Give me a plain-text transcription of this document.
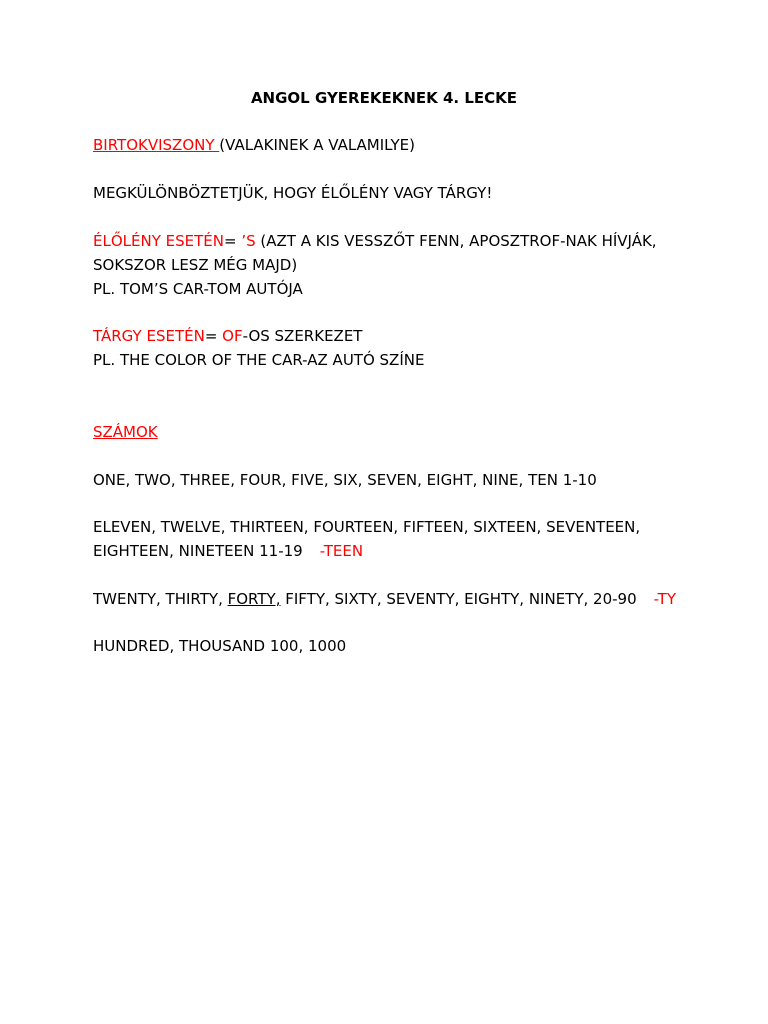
ANGOL GYEREKEKNEK 4. LECKE
BIRTOKVISZONY (VALAKINEK A VALAMILYE)
MEGKÜLÖNBÖZTETJÜK, HOGY ÉLŐLÉNY VAGY TÁRGY!
ÉLŐLÉNY ESETÉN= ’S (AZT A KIS VESSZŐT FENN, APOSZTROF-NAK HÍVJÁK,
SOKSZOR LESZ MÉG MAJD)
PL. TOM’S CAR-TOM AUTÓJA
TÁRGY ESETÉN= OF-OS SZERKEZET
PL. THE COLOR OF THE CAR-AZ AUTÓ SZÍNE
SZÁMOK
ONE, TWO, THREE, FOUR, FIVE, SIX, SEVEN, EIGHT, NINE, TEN 1-10
ELEVEN, TWELVE, THIRTEEN, FOURTEEN, FIFTEEN, SIXTEEN, SEVENTEEN,
EIGHTEEN, NINETEEN 11-19 -TEEN
TWENTY, THIRTY, FORTY, FIFTY, SIXTY, SEVENTY, EIGHTY, NINETY, 20-90 -TY
HUNDRED, THOUSAND 100, 1000
